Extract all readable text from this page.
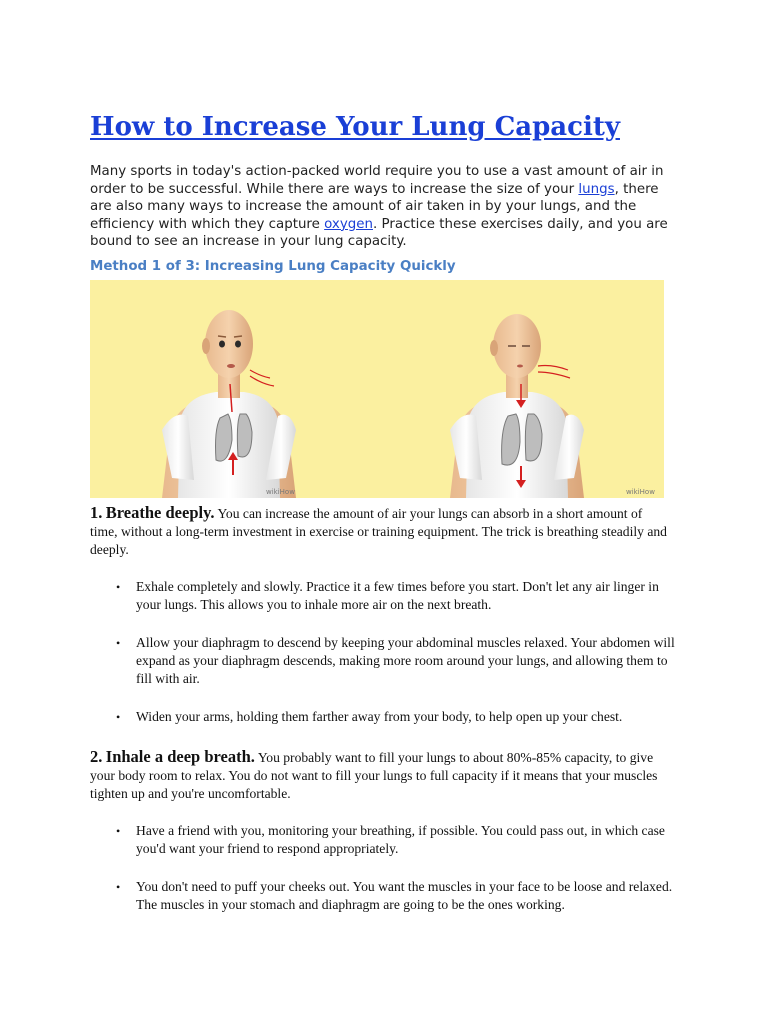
How to Increase Your Lung Capacity

Many sports in today's action-packed world require you to use a vast amount of air in order to be successful. While there are ways to increase the size of your lungs, there are also many ways to increase the amount of air taken in by your lungs, and the efficiency with which they capture oxygen. Practice these exercises daily, and you are bound to see an increase in your lung capacity.

Method 1 of 3: Increasing Lung Capacity Quickly
wikiHow	wikiHow

1. Breathe deeply. You can increase the amount of air your lungs can absorb in a short amount of time, without a long-term investment in exercise or training equipment. The trick is breathing steadily and deeply.

• Exhale completely and slowly. Practice it a few times before you start. Don't let any air linger in your lungs. This allows you to inhale more air on the next breath.
• Allow your diaphragm to descend by keeping your abdominal muscles relaxed. Your abdomen will expand as your diaphragm descends, making more room around your lungs, and allowing them to fill with air.
• Widen your arms, holding them farther away from your body, to help open up your chest.

2. Inhale a deep breath. You probably want to fill your lungs to about 80%-85% capacity, to give your body room to relax. You do not want to fill your lungs to full capacity if it means that your muscles tighten up and you're uncomfortable.

• Have a friend with you, monitoring your breathing, if possible. You could pass out, in which case you'd want your friend to respond appropriately.
• You don't need to puff your cheeks out. You want the muscles in your face to be loose and relaxed. The muscles in your stomach and diaphragm are going to be the ones working.
